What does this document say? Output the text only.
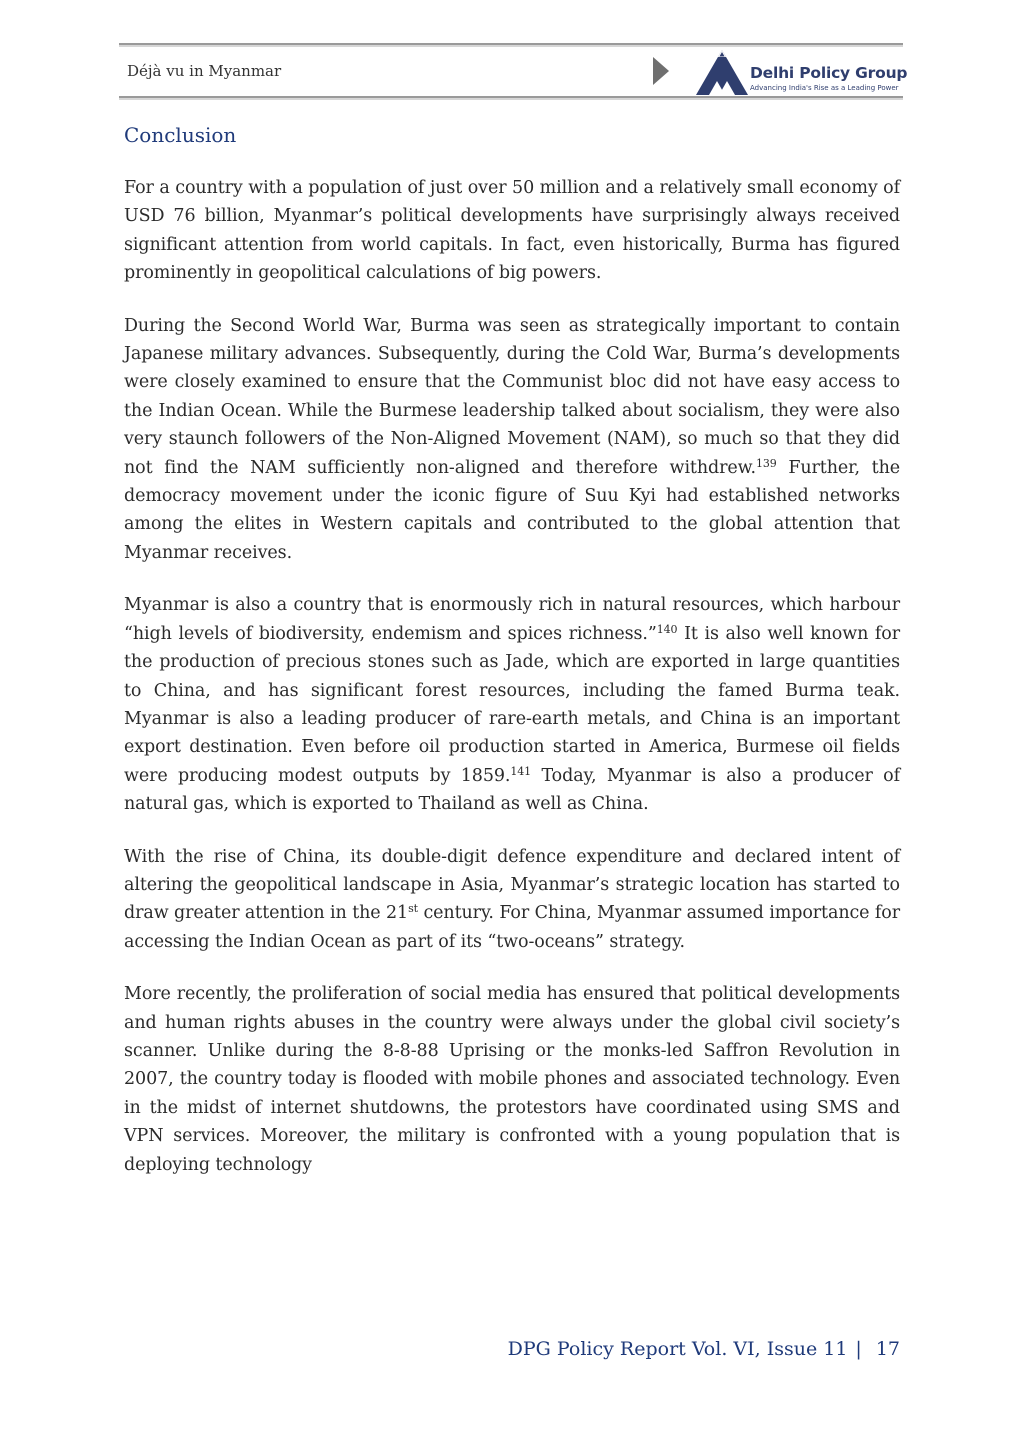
Déjà vu in Myanmar	Delhi Policy Group
Advancing India's Rise as a Leading Power
Conclusion

For a country with a population of just over 50 million and a relatively small economy of USD 76 billion, Myanmar’s political developments have surprisingly always received significant attention from world capitals. In fact, even historically, Burma has figured prominently in geopolitical calculations of big powers.

During the Second World War, Burma was seen as strategically important to contain Japanese military advances. Subsequently, during the Cold War, Burma’s developments were closely examined to ensure that the Communist bloc did not have easy access to the Indian Ocean. While the Burmese leadership talked about socialism, they were also very staunch followers of the Non-Aligned Movement (NAM), so much so that they did not find the NAM sufficiently non-aligned and therefore withdrew.$^{139}$ Further, the democracy movement under the iconic figure of Suu Kyi had established networks among the elites in Western capitals and contributed to the global attention that Myanmar receives.

Myanmar is also a country that is enormously rich in natural resources, which harbour “high levels of biodiversity, endemism and spices richness.”$^{140}$ It is also well known for the production of precious stones such as Jade, which are exported in large quantities to China, and has significant forest resources, including the famed Burma teak. Myanmar is also a leading producer of rare-earth metals, and China is an important export destination. Even before oil production started in America, Burmese oil fields were producing modest outputs by 1859.$^{141}$ Today, Myanmar is also a producer of natural gas, which is exported to Thailand as well as China.

With the rise of China, its double-digit defence expenditure and declared intent of altering the geopolitical landscape in Asia, Myanmar’s strategic location has started to draw greater attention in the 21st century. For China, Myanmar assumed importance for accessing the Indian Ocean as part of its “two-oceans” strategy.

More recently, the proliferation of social media has ensured that political developments and human rights abuses in the country were always under the global civil society’s scanner. Unlike during the 8-8-88 Uprising or the monks-led Saffron Revolution in 2007, the country today is flooded with mobile phones and associated technology. Even in the midst of internet shutdowns, the protestors have coordinated using SMS and VPN services. Moreover, the military is confronted with a young population that is deploying technology

DPG Policy Report Vol. VI, Issue 11 | 17
